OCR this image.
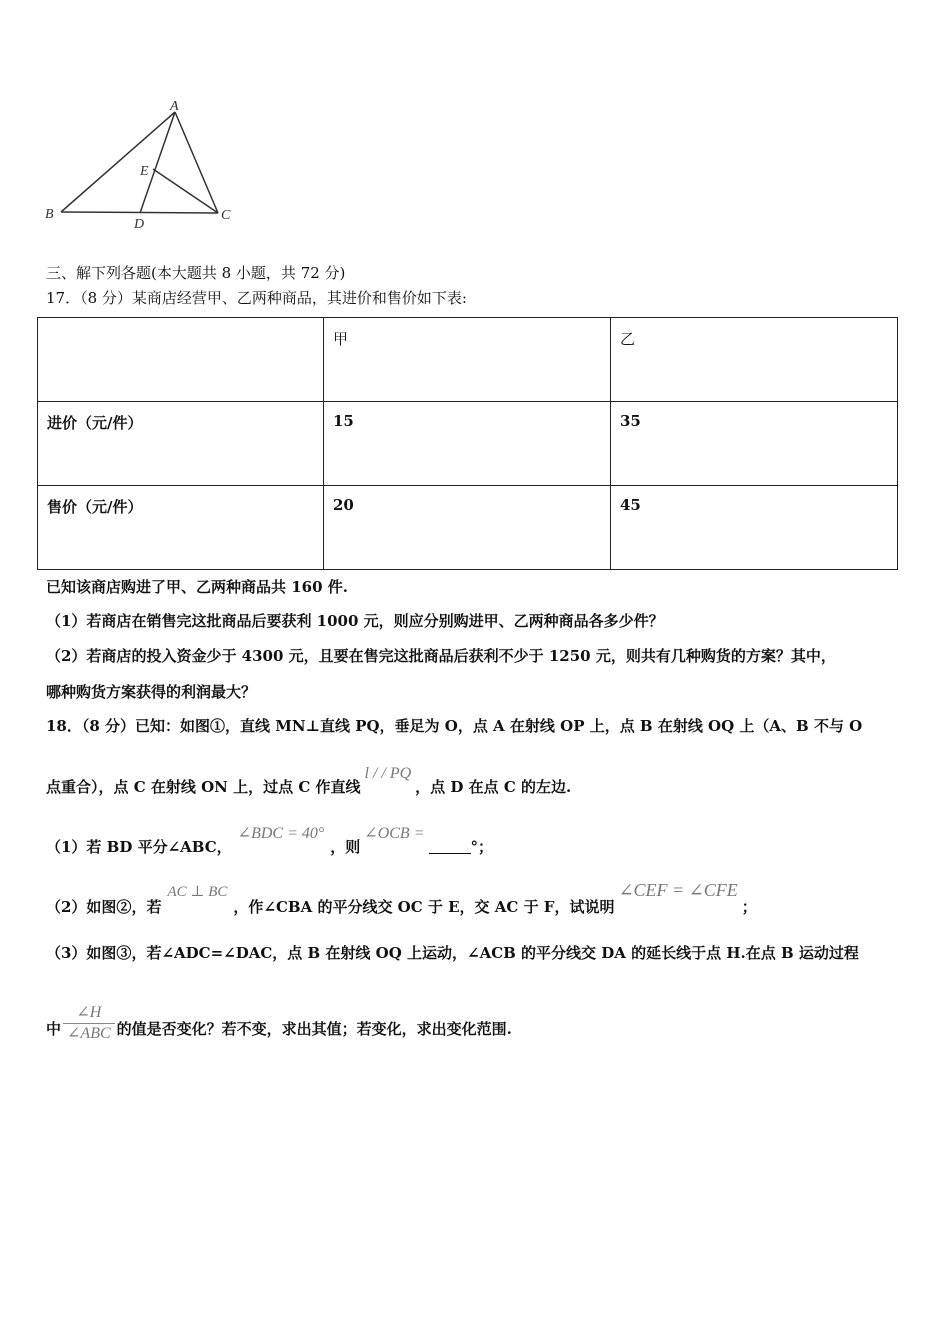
A
B	C
D
E
三、解下列各题(本大题共 8 小题，共 72 分)
17．（8 分）某商店经营甲、乙两种商品，其进价和售价如下表:
	甲	乙
进价（元/件）	15	35
售价（元/件）	20	45
已知该商店购进了甲、乙两种商品共 160 件.
（1）若商店在销售完这批商品后要获利 1000 元，则应分别购进甲、乙两种商品各多少件？
（2）若商店的投入资金少于 4300 元，且要在售完这批商品后获利不少于 1250 元，则共有几种购货的方案？其中，
哪种购货方案获得的利润最大？
18．（8 分）已知：如图①，直线 MN⊥直线 PQ，垂足为 O，点 A 在射线 OP 上，点 B 在射线 OQ 上（A、B 不与 O
点重合），点 C 在射线 ON 上，过点 C 作直线l / / PQ，点 D 在点 C 的左边.
（1）若 BD 平分∠ABC，∠BDC = 40°，则∠OCB =°；
（2）如图②，若AC ⊥ BC，作∠CBA 的平分线交 OC 于 E，交 AC 于 F，试说明∠CEF = ∠CFE；
（3）如图③，若∠ADC=∠DAC，点 B 在射线 OQ 上运动，∠ACB 的平分线交 DA 的延长线于点 H.在点 B 运动过程
中 $\frac{\angle H}{\text{∠ABC}}$ 的值是否变化？若不变，求出其值；若变化，求出变化范围.
